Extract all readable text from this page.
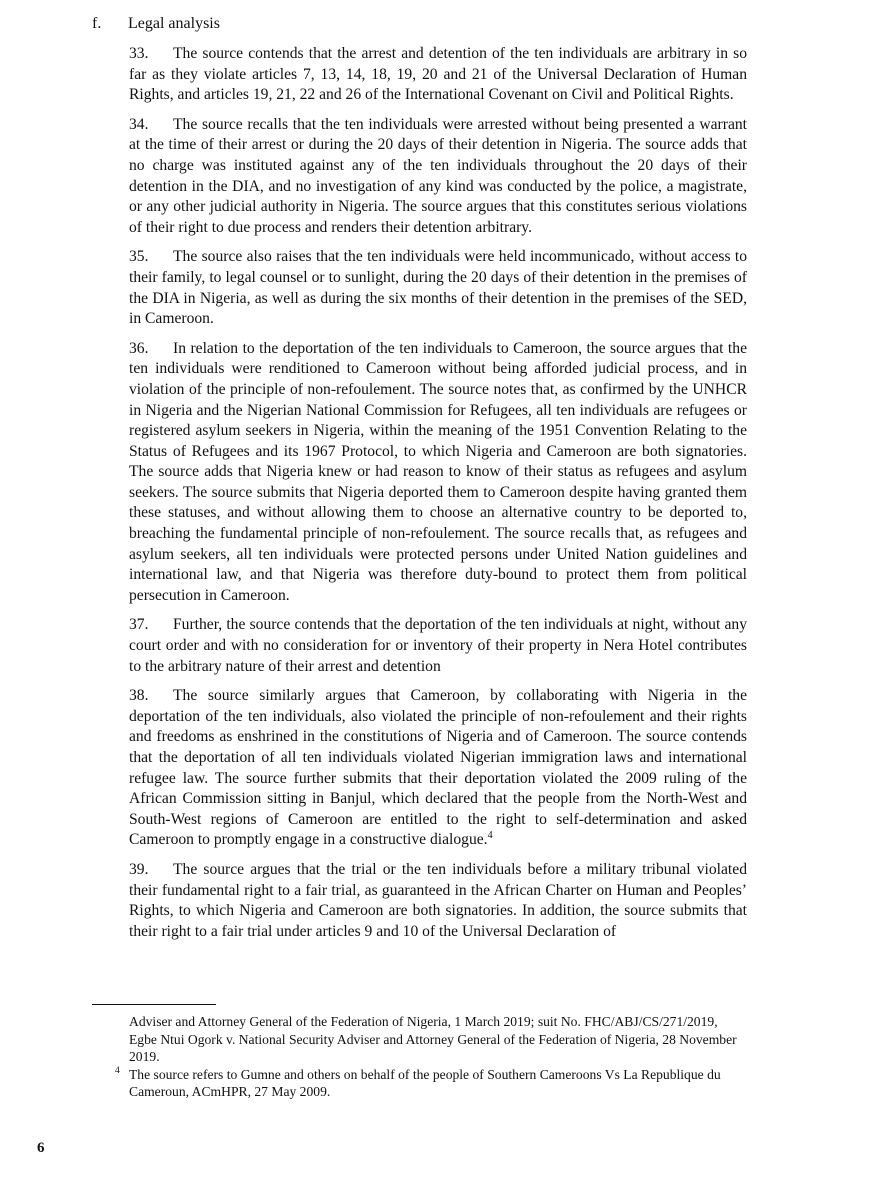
f. Legal analysis

33. The source contends that the arrest and detention of the ten individuals are arbitrary in so far as they violate articles 7, 13, 14, 18, 19, 20 and 21 of the Universal Declaration of Human Rights, and articles 19, 21, 22 and 26 of the International Covenant on Civil and Political Rights.

34. The source recalls that the ten individuals were arrested without being presented a warrant at the time of their arrest or during the 20 days of their detention in Nigeria. The source adds that no charge was instituted against any of the ten individuals throughout the 20 days of their detention in the DIA, and no investigation of any kind was conducted by the police, a magistrate, or any other judicial authority in Nigeria. The source argues that this constitutes serious violations of their right to due process and renders their detention arbitrary.

35. The source also raises that the ten individuals were held incommunicado, without access to their family, to legal counsel or to sunlight, during the 20 days of their detention in the premises of the DIA in Nigeria, as well as during the six months of their detention in the premises of the SED, in Cameroon.

36. In relation to the deportation of the ten individuals to Cameroon, the source argues that the ten individuals were renditioned to Cameroon without being afforded judicial process, and in violation of the principle of non-refoulement. The source notes that, as confirmed by the UNHCR in Nigeria and the Nigerian National Commission for Refugees, all ten individuals are refugees or registered asylum seekers in Nigeria, within the meaning of the 1951 Convention Relating to the Status of Refugees and its 1967 Protocol, to which Nigeria and Cameroon are both signatories. The source adds that Nigeria knew or had reason to know of their status as refugees and asylum seekers. The source submits that Nigeria deported them to Cameroon despite having granted them these statuses, and without allowing them to choose an alternative country to be deported to, breaching the fundamental principle of non-refoulement. The source recalls that, as refugees and asylum seekers, all ten individuals were protected persons under United Nation guidelines and international law, and that Nigeria was therefore duty-bound to protect them from political persecution in Cameroon.

37. Further, the source contends that the deportation of the ten individuals at night, without any court order and with no consideration for or inventory of their property in Nera Hotel contributes to the arbitrary nature of their arrest and detention

38. The source similarly argues that Cameroon, by collaborating with Nigeria in the deportation of the ten individuals, also violated the principle of non-refoulement and their rights and freedoms as enshrined in the constitutions of Nigeria and of Cameroon. The source contends that the deportation of all ten individuals violated Nigerian immigration laws and international refugee law. The source further submits that their deportation violated the 2009 ruling of the African Commission sitting in Banjul, which declared that the people from the North-West and South-West regions of Cameroon are entitled to the right to self-determination and asked Cameroon to promptly engage in a constructive dialogue.$^4$

39. The source argues that the trial or the ten individuals before a military tribunal violated their fundamental right to a fair trial, as guaranteed in the African Charter on Human and Peoples’ Rights, to which Nigeria and Cameroon are both signatories. In addition, the source submits that their right to a fair trial under articles 9 and 10 of the Universal Declaration of

Adviser and Attorney General of the Federation of Nigeria, 1 March 2019; suit No. FHC/ABJ/CS/271/2019, Egbe Ntui Ogork v. National Security Adviser and Attorney General of the Federation of Nigeria, 28 November 2019.

4 The source refers to Gumne and others on behalf of the people of Southern Cameroons Vs La Republique du Cameroun, ACmHPR, 27 May 2009.

6
